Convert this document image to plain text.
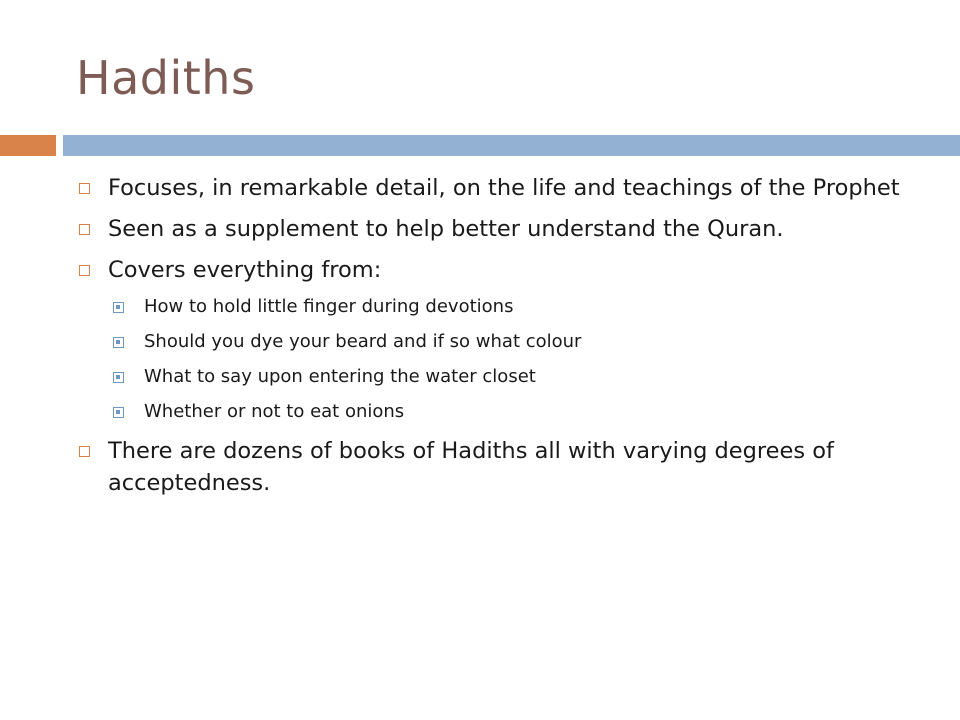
Hadiths
Focuses, in remarkable detail, on the life and teachings of the Prophet
Seen as a supplement to help better understand the Quran.
Covers everything from:
How to hold little finger during devotions
Should you dye your beard and if so what colour
What to say upon entering the water closet
Whether or not to eat onions
There are dozens of books of Hadiths all with varying degrees of acceptedness.
